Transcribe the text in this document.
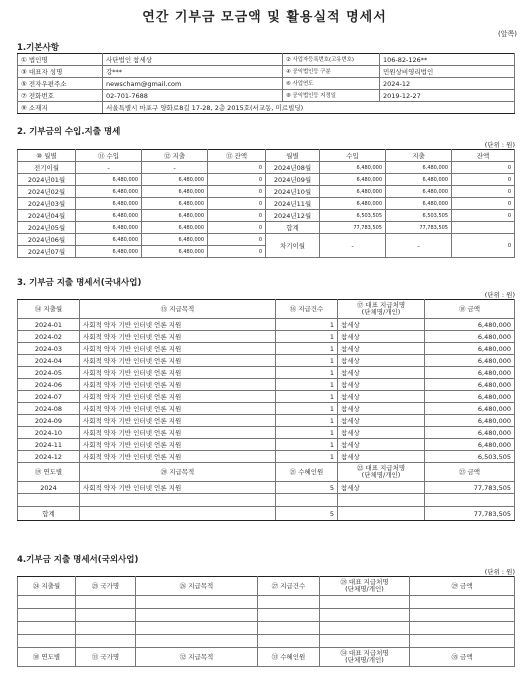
연간 기부금 모금액 및 활용실적 명세서
(앞쪽)
1.기본사항
① 법인명	사단법인 참세상	② 사업자등록번호(고유번호)	106-82-126**
③ 대표자 성명	강***	④ 공익법인등 구분	민원상비영리법인
⑤ 전자우편주소	newscham@gmail.com	⑥ 사업연도	2024-12
⑦ 전화번호	02-701-7688	⑧ 공익법인등 지정일	2019-12-27
⑨ 소재지	서울특별시 마포구 양화로8길 17-28, 2층 2015호(서교동, 미르빌딩)		
2. 기부금의 수입.지출 명세
(단위 : 원)
⑩ 월별	⑪ 수입	⑫ 지출	⑬ 잔액	월별	수입	지출	잔액
전기이월	-	-	0	2024년08월	6,480,000	6,480,000	0
2024년01월	6,480,000	6,480,000	0	2024년09월	6,480,000	6,480,000	0
2024년02월	6,480,000	6,480,000	0	2024년10월	6,480,000	6,480,000	0
2024년03월	6,480,000	6,480,000	0	2024년11월	6,480,000	6,480,000	0
2024년04월	6,480,000	6,480,000	0	2024년12월	6,503,505	6,503,505	0
2024년05월	6,480,000	6,480,000	0	합계	77,783,505	77,783,505	
2024년06월	6,480,000	6,480,000	0	차기이월	-	-	0
2024년07월	6,480,000	6,480,000	0				
3. 기부금 지출 명세서(국내사업)
(단위 : 원)
⑭ 지출월	⑮ 지급목적	⑯ 지급건수	⑰ 대표 지급처명
(단체명/개인)	⑱ 금액
2024-01	사회적 약자 기반 인터넷 언론 지원	1	참세상	6,480,000
2024-02	사회적 약자 기반 인터넷 언론 지원	1	참세상	6,480,000
2024-03	사회적 약자 기반 인터넷 언론 지원	1	참세상	6,480,000
2024-04	사회적 약자 기반 인터넷 언론 지원	1	참세상	6,480,000
2024-05	사회적 약자 기반 인터넷 언론 지원	1	참세상	6,480,000
2024-06	사회적 약자 기반 인터넷 언론 지원	1	참세상	6,480,000
2024-07	사회적 약자 기반 인터넷 언론 지원	1	참세상	6,480,000
2024-08	사회적 약자 기반 인터넷 언론 지원	1	참세상	6,480,000
2024-09	사회적 약자 기반 인터넷 언론 지원	1	참세상	6,480,000
2024-10	사회적 약자 기반 인터넷 언론 지원	1	참세상	6,480,000
2024-11	사회적 약자 기반 인터넷 언론 지원	1	참세상	6,480,000
2024-12	사회적 약자 기반 인터넷 언론 지원	1	참세상	6,503,505
⑲ 연도별	⑳ 지급목적	㉑ 수혜인원	㉒ 대표 지급처명
(단체명/개인)	㉓ 금액
2024	사회적 약자 기반 인터넷 언론 지원	5	참세상	77,783,505

합계		5		77,783,505
4.기부금 지출 명세서(국외사업)
(단위 : 원)
㉔ 지출월	㉕ 국가명	㉖ 지급목적	㉗ 지급건수	㉘ 대표 지급처명
(단체명/개인)	㉙ 금액

㉚ 연도별	㉛ 국가명	㉜ 지급목적	㉝ 수혜인원	㉞ 대표 지급처명
(단체명/개인)	㉟ 금액
